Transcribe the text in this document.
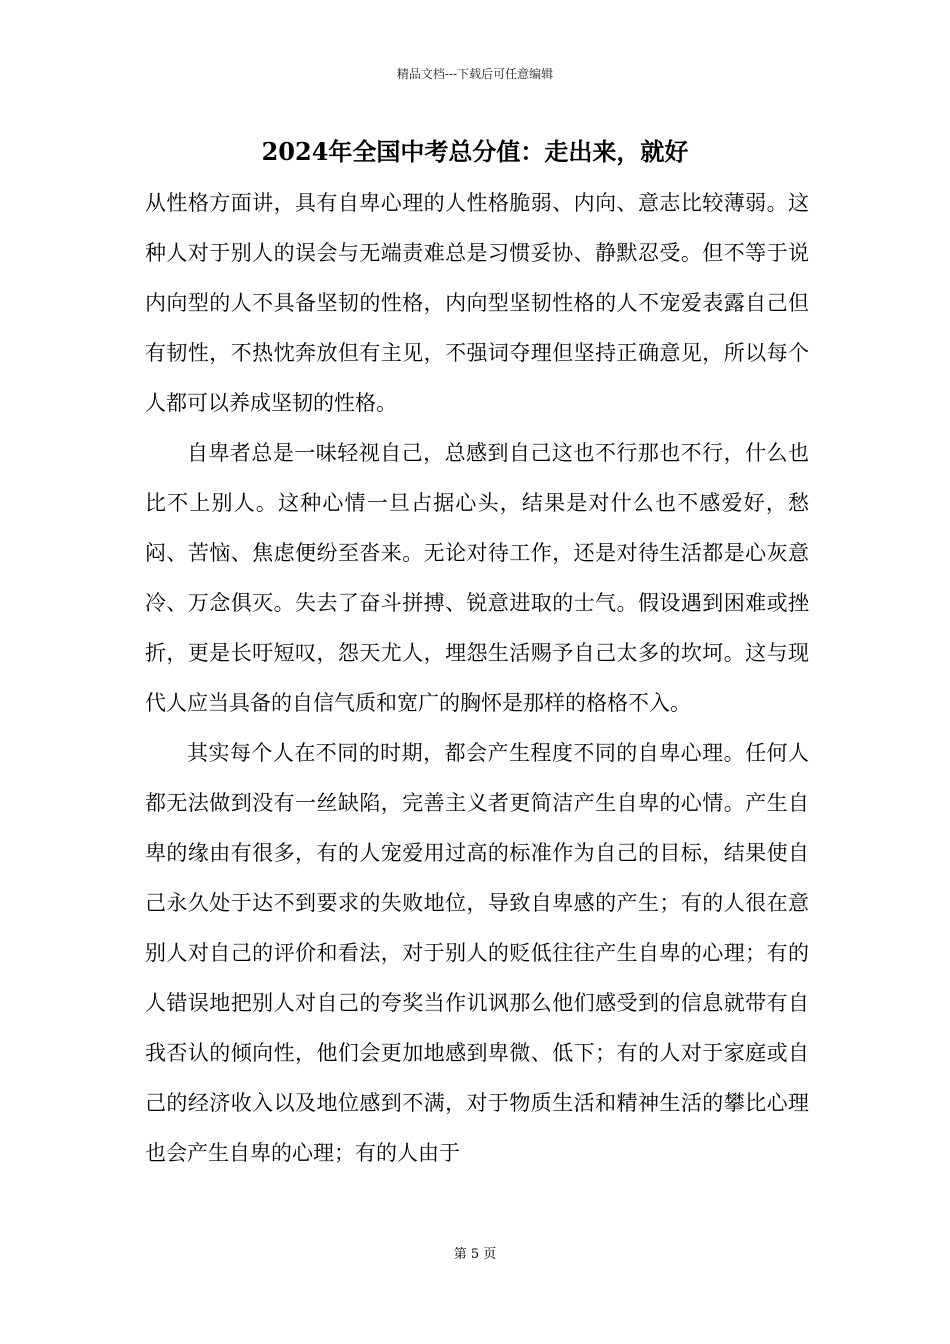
精品文档---下载后可任意编辑
2024年全国中考总分值：走出来，就好

从性格方面讲，具有自卑心理的人性格脆弱、内向、意志比较薄弱。这种人对于别人的误会与无端责难总是习惯妥协、静默忍受。但不等于说内向型的人不具备坚韧的性格，内向型坚韧性格的人不宠爱表露自己但有韧性，不热忱奔放但有主见，不强词夺理但坚持正确意见，所以每个人都可以养成坚韧的性格。

自卑者总是一味轻视自己，总感到自己这也不行那也不行，什么也比不上别人。这种心情一旦占据心头，结果是对什么也不感爱好，愁闷、苦恼、焦虑便纷至沓来。无论对待工作，还是对待生活都是心灰意冷、万念俱灭。失去了奋斗拼搏、锐意进取的士气。假设遇到困难或挫折，更是长吁短叹，怨天尤人，埋怨生活赐予自己太多的坎坷。这与现代人应当具备的自信气质和宽广的胸怀是那样的格格不入。

其实每个人在不同的时期，都会产生程度不同的自卑心理。任何人都无法做到没有一丝缺陷，完善主义者更简洁产生自卑的心情。产生自卑的缘由有很多，有的人宠爱用过高的标准作为自己的目标，结果使自己永久处于达不到要求的失败地位，导致自卑感的产生；有的人很在意别人对自己的评价和看法，对于别人的贬低往往产生自卑的心理；有的人错误地把别人对自己的夸奖当作讥讽那么他们感受到的信息就带有自我否认的倾向性，他们会更加地感到卑微、低下；有的人对于家庭或自己的经济收入以及地位感到不满，对于物质生活和精神生活的攀比心理也会产生自卑的心理；有的人由于

第 5 页
